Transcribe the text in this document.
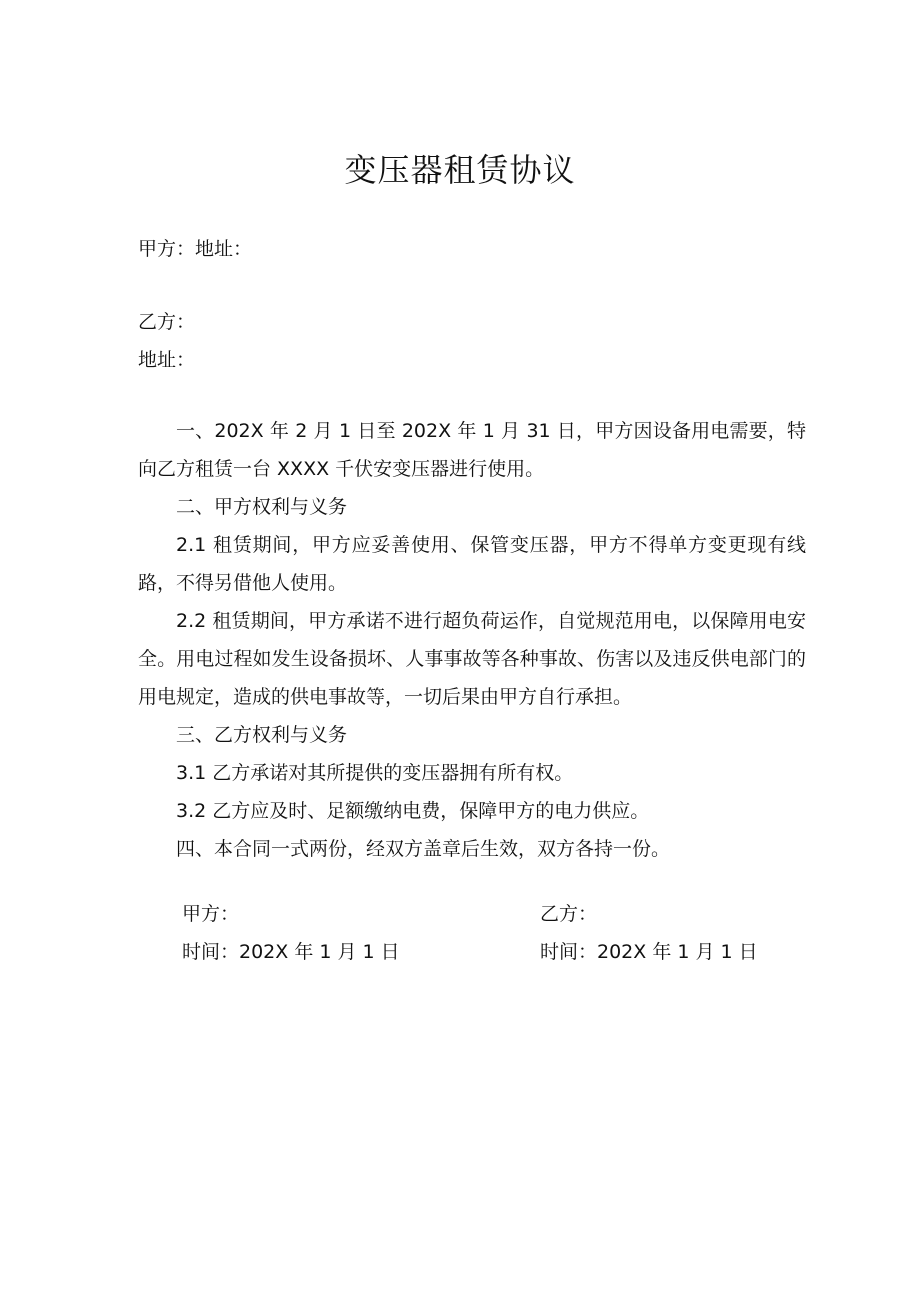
变压器租赁协议

甲方：地址：

乙方：

地址：

一、202X 年 2 月 1 日至 202X 年 1 月 31 日，甲方因设备用电需要，特向乙方租赁一台 XXXX 千伏安变压器进行使用。

二、甲方权利与义务

2.1 租赁期间，甲方应妥善使用、保管变压器，甲方不得单方变更现有线路，不得另借他人使用。

2.2 租赁期间，甲方承诺不进行超负荷运作，自觉规范用电，以保障用电安全。用电过程如发生设备损坏、人事事故等各种事故、伤害以及违反供电部门的用电规定，造成的供电事故等，一切后果由甲方自行承担。

三、乙方权利与义务

3.1 乙方承诺对其所提供的变压器拥有所有权。

3.2 乙方应及时、足额缴纳电费，保障甲方的电力供应。

四、本合同一式两份，经双方盖章后生效，双方各持一份。

甲方：

时间：202X 年 1 月 1 日

乙方：

时间：202X 年 1 月 1 日
